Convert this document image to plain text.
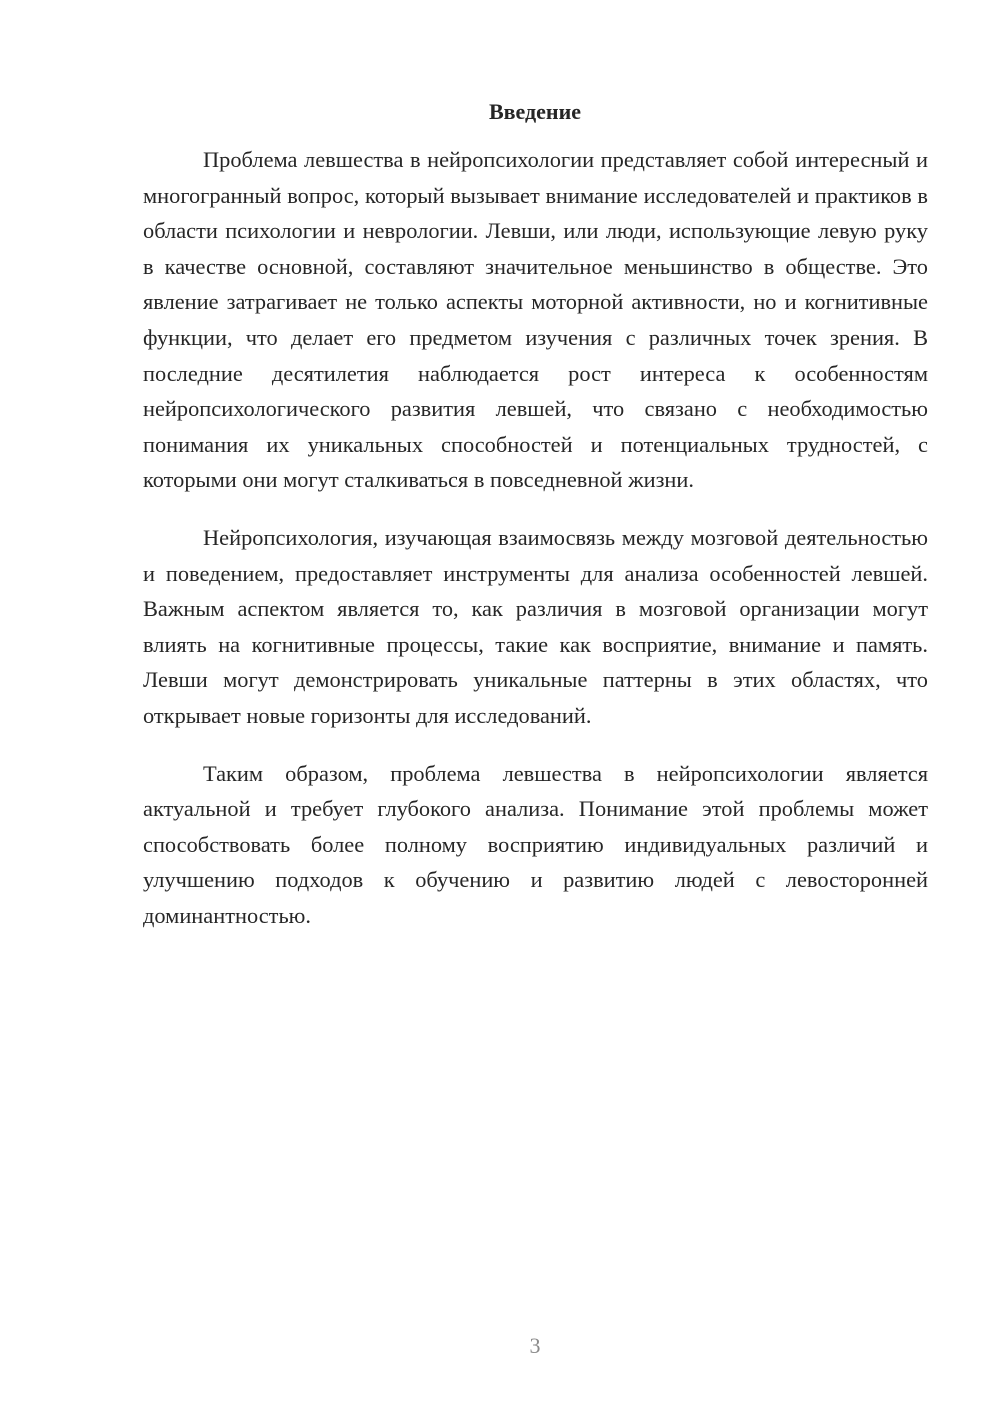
Введение

Проблема левшества в нейропсихологии представляет собой интересный и многогранный вопрос, который вызывает внимание исследователей и практиков в области психологии и неврологии. Левши, или люди, использующие левую руку в качестве основной, составляют значительное меньшинство в обществе. Это явление затрагивает не только аспекты моторной активности, но и когнитивные функции, что делает его предметом изучения с различных точек зрения. В последние десятилетия наблюдается рост интереса к особенностям нейропсихологического развития левшей, что связано с необходимостью понимания их уникальных способностей и потенциальных трудностей, с которыми они могут сталкиваться в повседневной жизни.

Нейропсихология, изучающая взаимосвязь между мозговой деятельностью и поведением, предоставляет инструменты для анализа особенностей левшей. Важным аспектом является то, как различия в мозговой организации могут влиять на когнитивные процессы, такие как восприятие, внимание и память. Левши могут демонстрировать уникальные паттерны в этих областях, что открывает новые горизонты для исследований.

Таким образом, проблема левшества в нейропсихологии является актуальной и требует глубокого анализа. Понимание этой проблемы может способствовать более полному восприятию индивидуальных различий и улучшению подходов к обучению и развитию людей с левосторонней доминантностью.

3
